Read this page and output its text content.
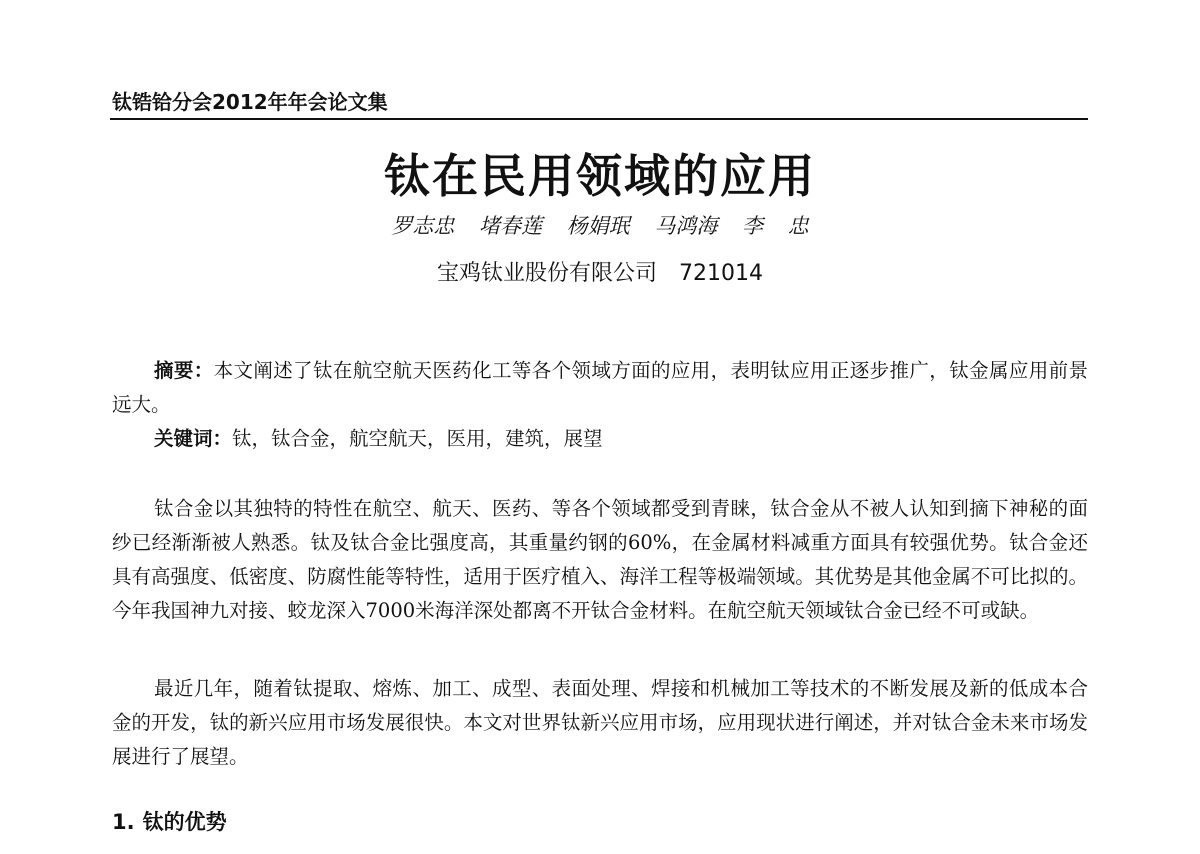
钛锆铪分会2012年年会论文集
钛在民用领域的应用
罗志忠 堵春莲 杨娟珉 马鸿海 李 忠
宝鸡钛业股份有限公司 721014
摘要：本文阐述了钛在航空航天医药化工等各个领域方面的应用，表明钛应用正逐步推广，钛金属应用前景远大。
关键词：钛，钛合金，航空航天，医用，建筑，展望
钛合金以其独特的特性在航空、航天、医药、等各个领域都受到青睐，钛合金从不被人认知到摘下神秘的面纱已经渐渐被人熟悉。钛及钛合金比强度高，其重量约钢的60%，在金属材料减重方面具有较强优势。钛合金还具有高强度、低密度、防腐性能等特性，适用于医疗植入、海洋工程等极端领域。其优势是其他金属不可比拟的。今年我国神九对接、蛟龙深入7000米海洋深处都离不开钛合金材料。在航空航天领域钛合金已经不可或缺。
最近几年，随着钛提取、熔炼、加工、成型、表面处理、焊接和机械加工等技术的不断发展及新的低成本合金的开发，钛的新兴应用市场发展很快。本文对世界钛新兴应用市场，应用现状进行阐述，并对钛合金未来市场发展进行了展望。
1. 钛的优势
